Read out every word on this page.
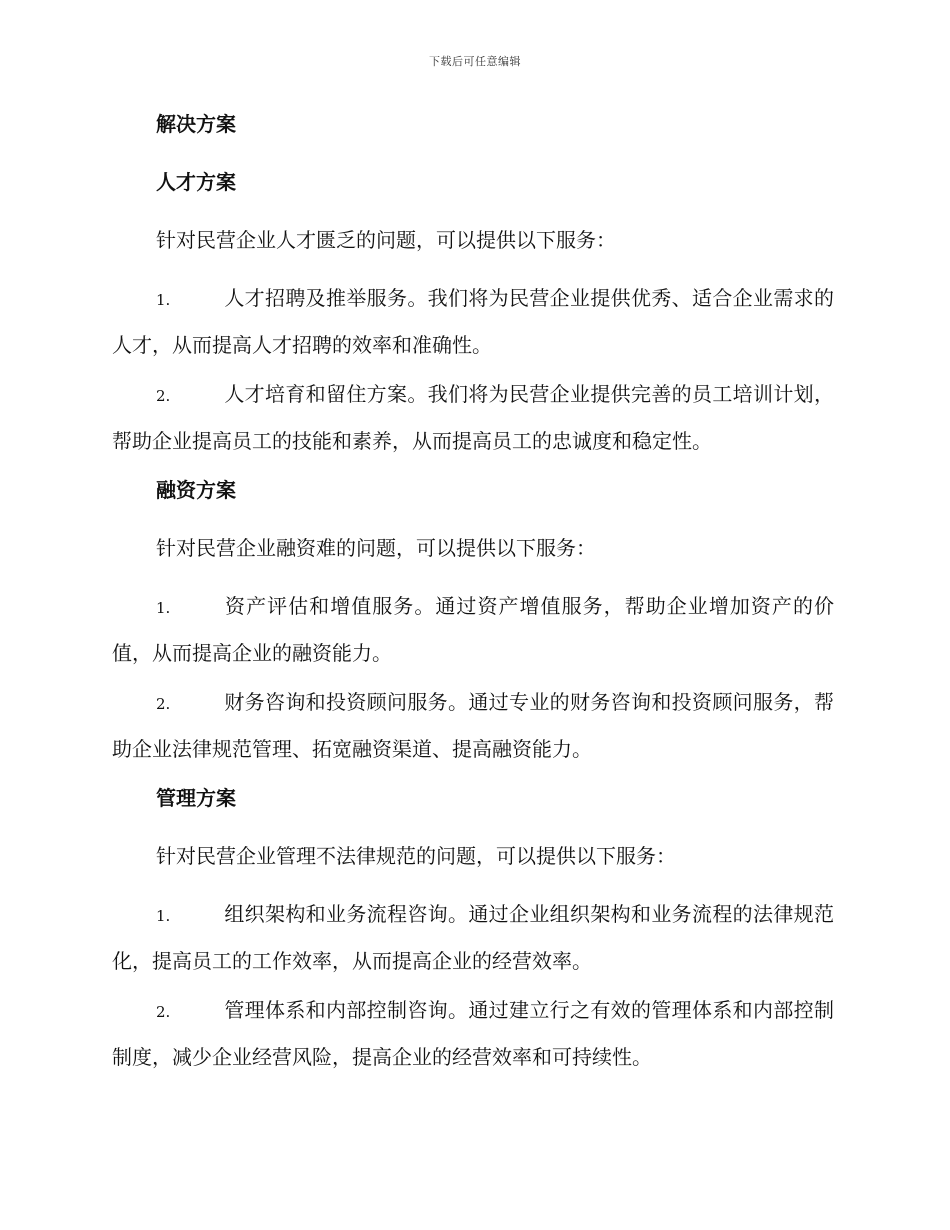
下载后可任意编辑
解决方案
人才方案
针对民营企业人才匮乏的问题，可以提供以下服务：
1.	人才招聘及推举服务。我们将为民营企业提供优秀、适合企业需求的人才，从而提高人才招聘的效率和准确性。
2.	人才培育和留住方案。我们将为民营企业提供完善的员工培训计划，帮助企业提高员工的技能和素养，从而提高员工的忠诚度和稳定性。
融资方案
针对民营企业融资难的问题，可以提供以下服务：
1.	资产评估和增值服务。通过资产增值服务，帮助企业增加资产的价值，从而提高企业的融资能力。
2.	财务咨询和投资顾问服务。通过专业的财务咨询和投资顾问服务，帮助企业法律规范管理、拓宽融资渠道、提高融资能力。
管理方案
针对民营企业管理不法律规范的问题，可以提供以下服务：
1.	组织架构和业务流程咨询。通过企业组织架构和业务流程的法律规范化，提高员工的工作效率，从而提高企业的经营效率。
2.	管理体系和内部控制咨询。通过建立行之有效的管理体系和内部控制制度，减少企业经营风险，提高企业的经营效率和可持续性。
